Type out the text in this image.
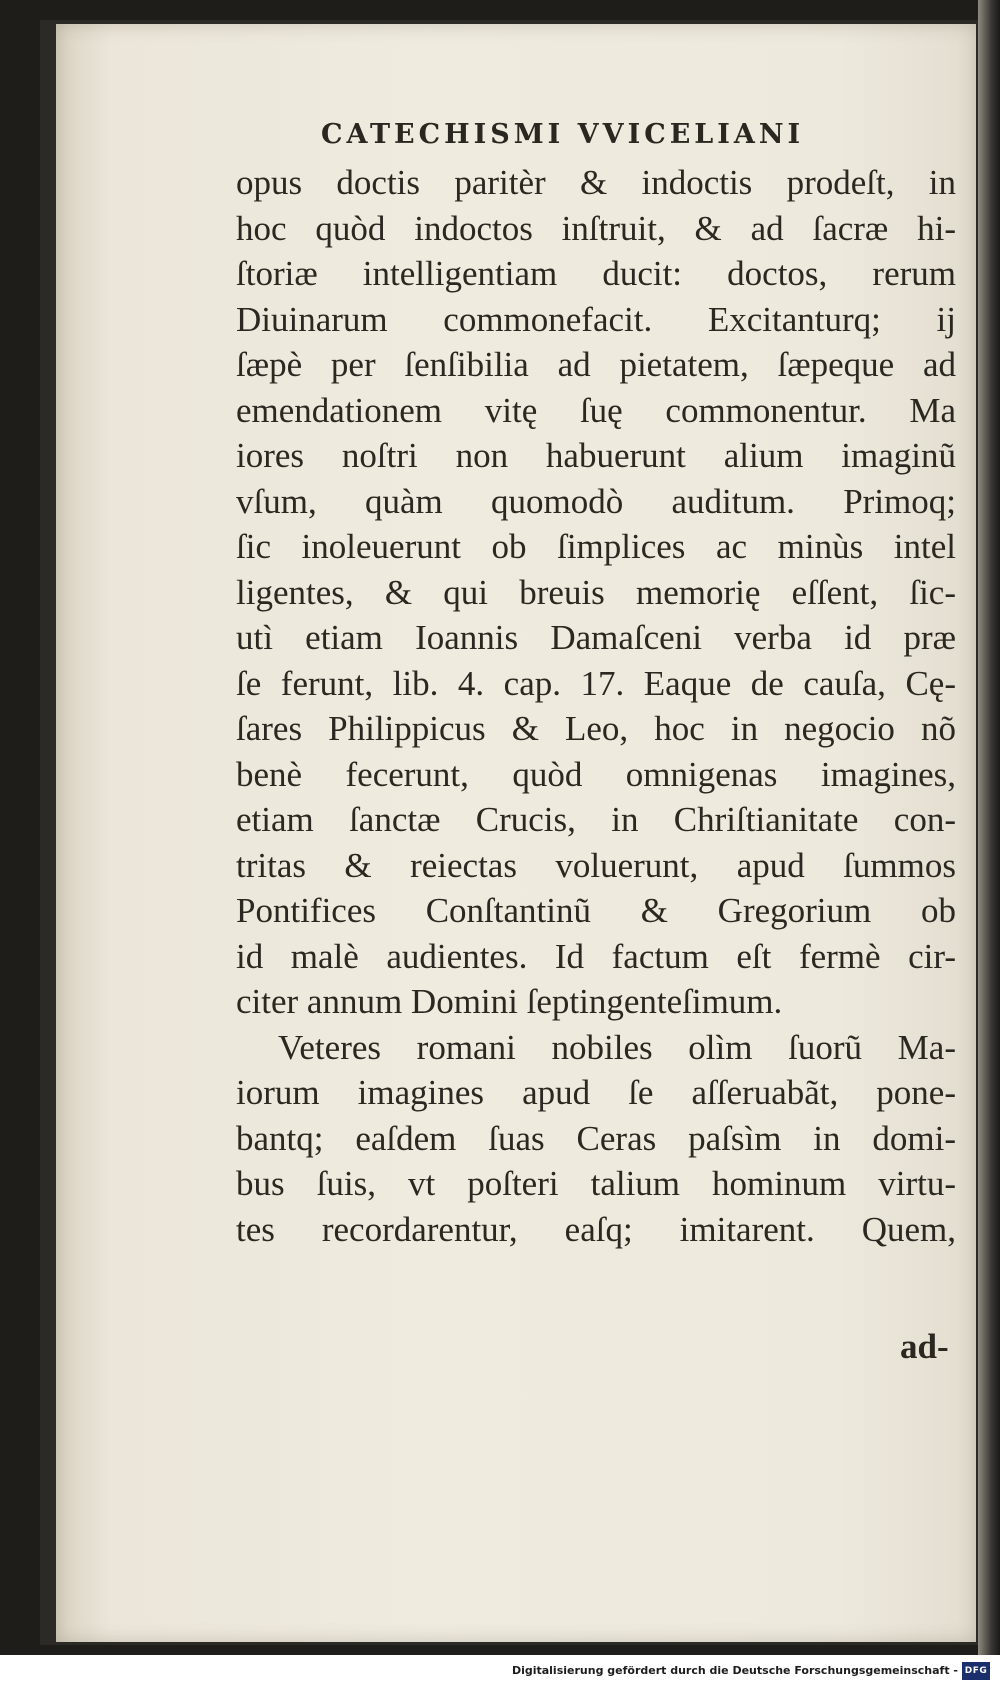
CATECHISMI VVICELIANI
opus doctis paritèr & indoctis prodeſt, in
hoc quòd indoctos inſtruit, & ad ſacræ hi-
ſtoriæ intelligentiam ducit: doctos, rerum
Diuinarum commonefacit. Excitanturq; ij
ſæpè per ſenſibilia ad pietatem, ſæpeque ad
emendationem vitę ſuę commonentur. Ma
iores noſtri non habuerunt alium imaginũ
vſum, quàm quomodò auditum. Primoq;
ſic inoleuerunt ob ſimplices ac minùs intel
ligentes, & qui breuis memorię eſſent, ſic-
utì etiam Ioannis Damaſceni verba id præ
ſe ferunt, lib. 4. cap. 17. Eaque de cauſa, Cę-
ſares Philippicus & Leo, hoc in negocio nõ
benè fecerunt, quòd omnigenas imagines,
etiam ſanctæ Crucis, in Chriſtianitate con-
tritas & reiectas voluerunt, apud ſummos
Pontifices Conſtantinũ & Gregorium ob
id malè audientes. Id factum eſt fermè cir-
citer annum Domini ſeptingenteſimum.
Veteres romani nobiles olìm ſuorũ Ma-
iorum imagines apud ſe aſſeruabãt, pone-
bantq; eaſdem ſuas Ceras paſsìm in domi-
bus ſuis, vt poſteri talium hominum virtu-
tes recordarentur, eaſq; imitarent. Quem,
ad-
Digitalisierung gefördert durch die Deutsche Forschungsgemeinschaft - DFG
